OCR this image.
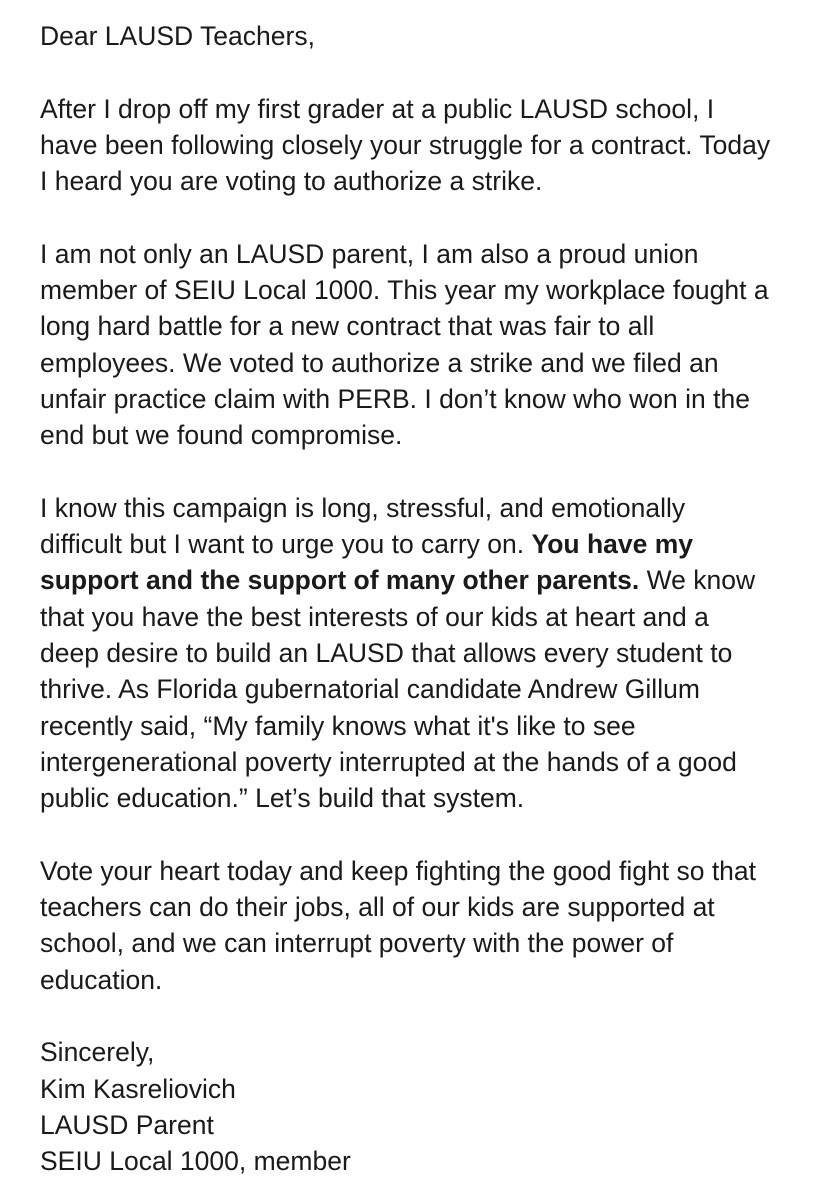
Dear LAUSD Teachers,
After I drop off my first grader at a public LAUSD school, I
have been following closely your struggle for a contract. Today
I heard you are voting to authorize a strike.
I am not only an LAUSD parent, I am also a proud union
member of SEIU Local 1000. This year my workplace fought a
long hard battle for a new contract that was fair to all
employees. We voted to authorize a strike and we filed an
unfair practice claim with PERB. I don’t know who won in the
end but we found compromise.
I know this campaign is long, stressful, and emotionally
difficult but I want to urge you to carry on. You have my
support and the support of many other parents. We know
that you have the best interests of our kids at heart and a
deep desire to build an LAUSD that allows every student to
thrive. As Florida gubernatorial candidate Andrew Gillum
recently said, “My family knows what it's like to see
intergenerational poverty interrupted at the hands of a good
public education.” Let’s build that system.
Vote your heart today and keep fighting the good fight so that
teachers can do their jobs, all of our kids are supported at
school, and we can interrupt poverty with the power of
education.
Sincerely,
Kim Kasreliovich
LAUSD Parent
SEIU Local 1000, member
